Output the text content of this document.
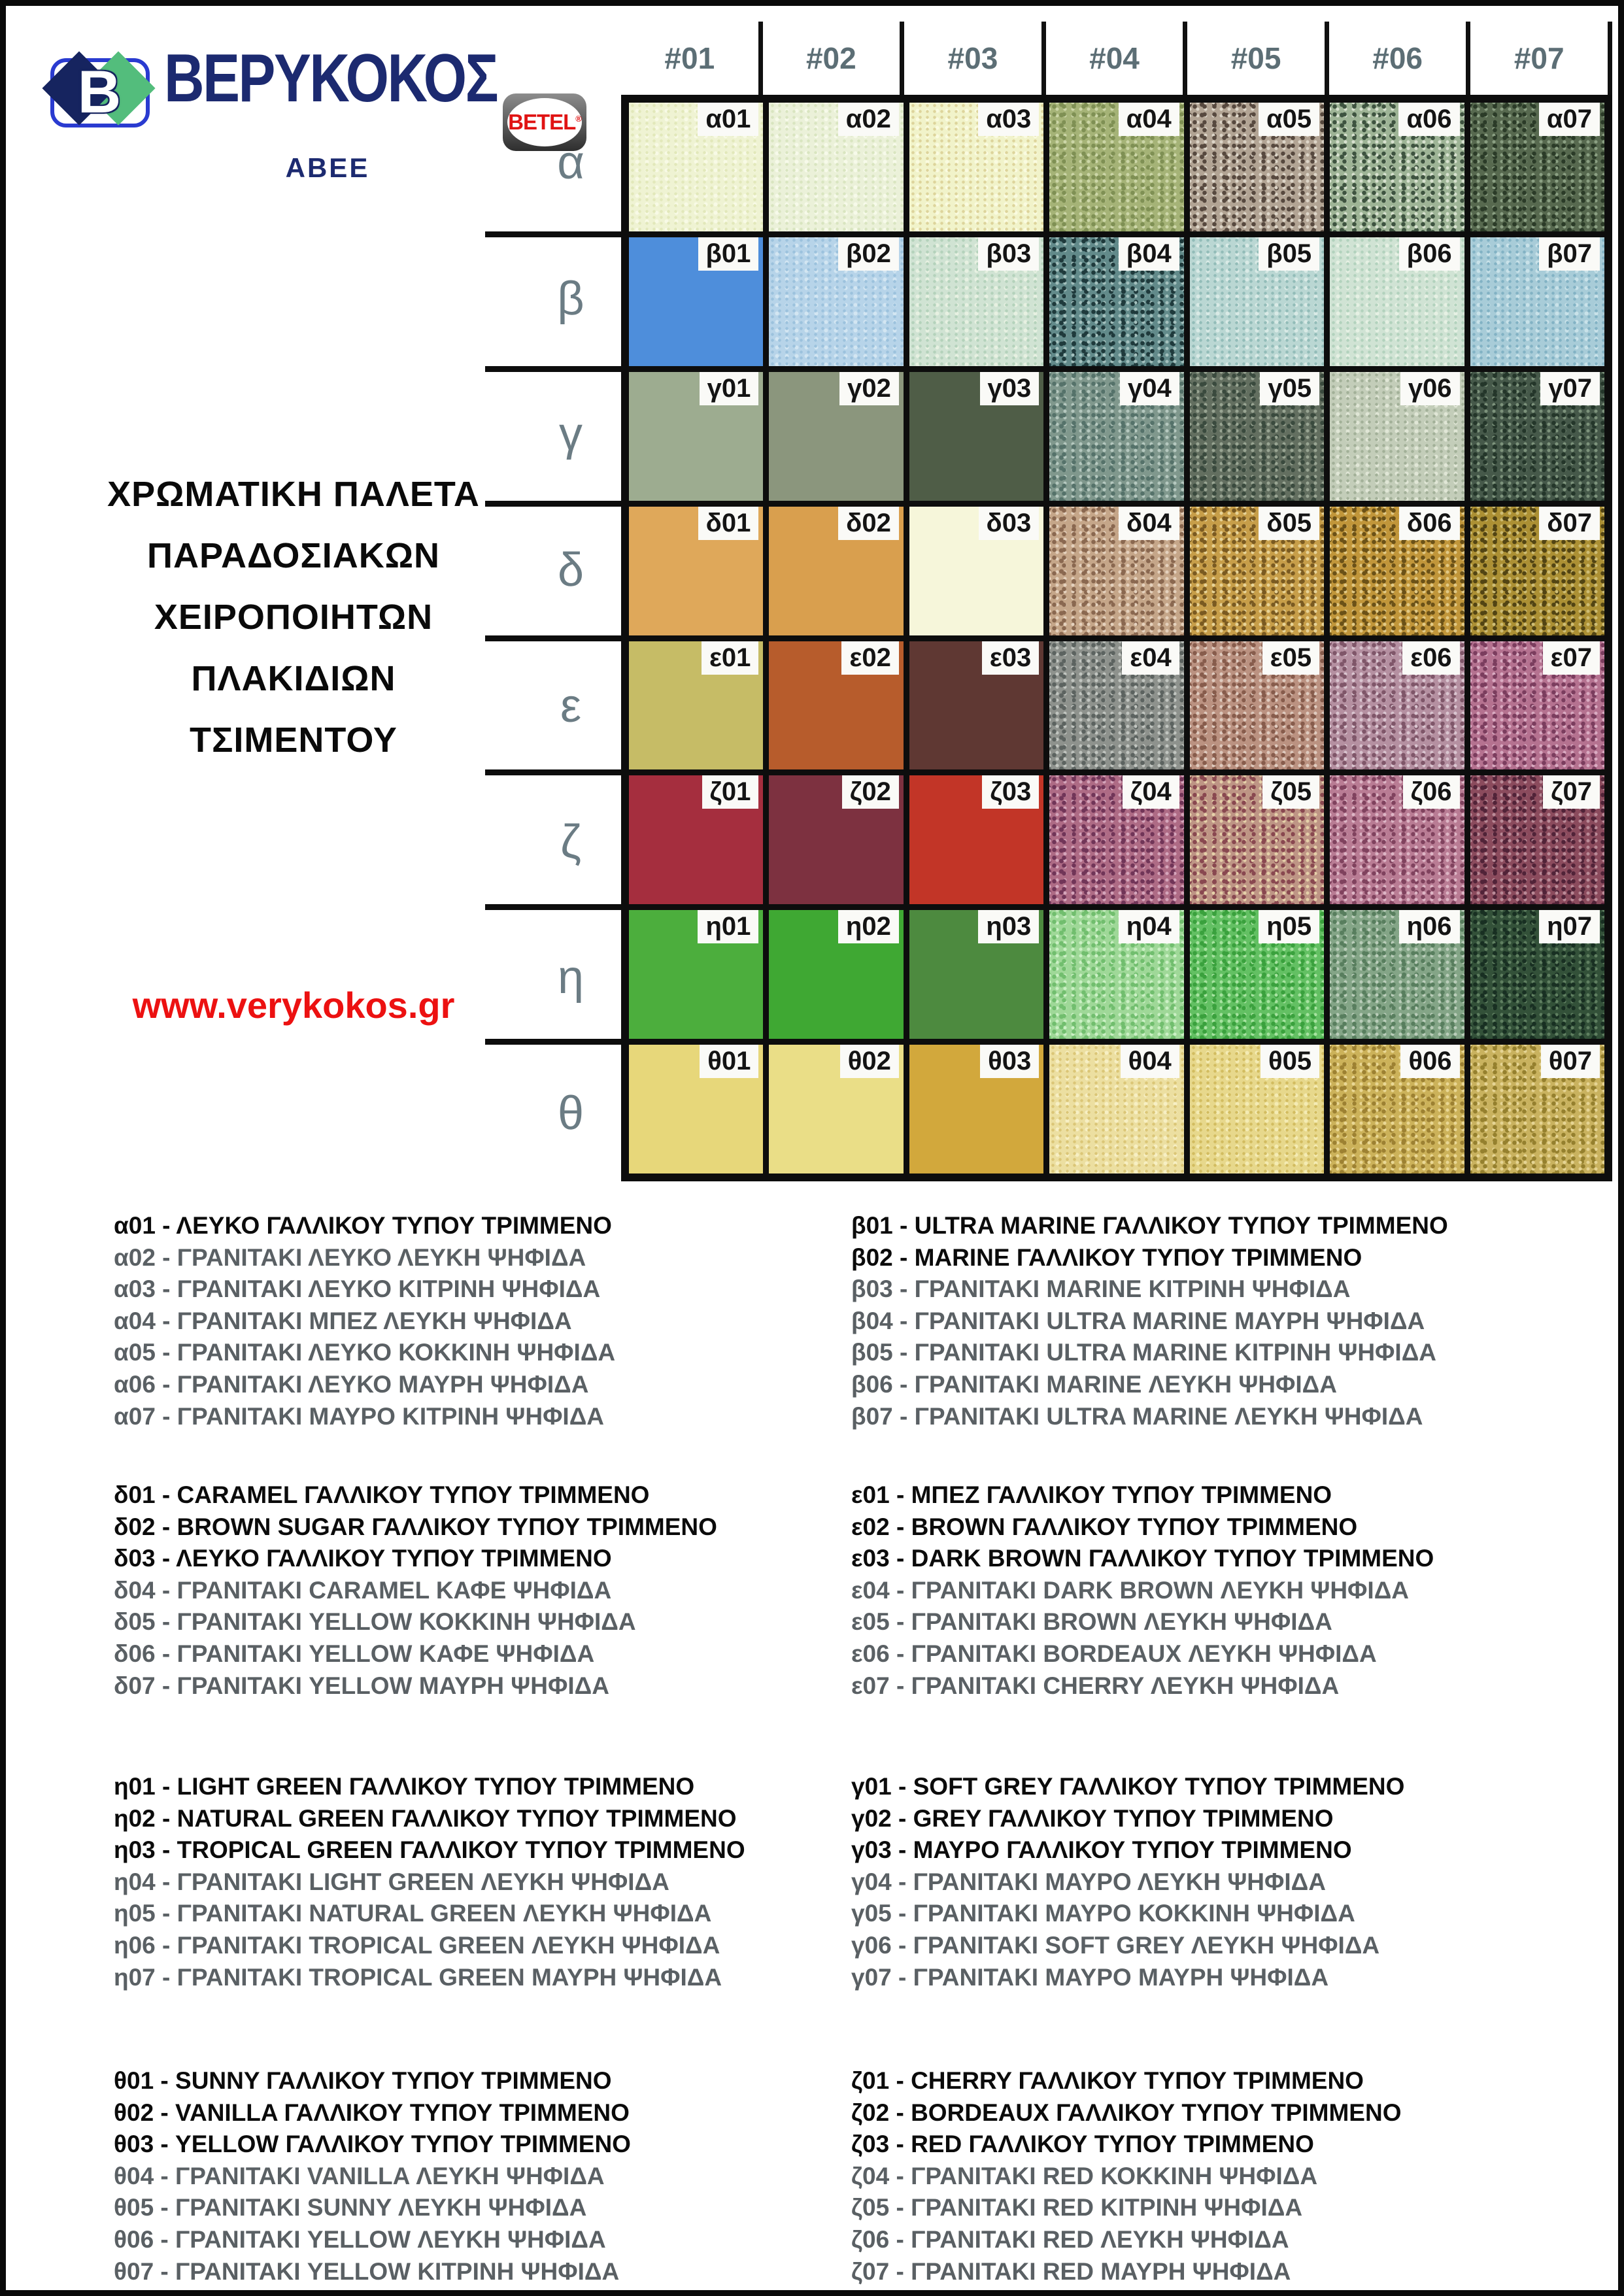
B ΒΕΡΥΚΟΚΟΣ
BETEL®
ΑΒΕΕ
ΧΡΩΜΑΤΙΚΗ ΠΑΛΕΤΑ
ΠΑΡΑΔΟΣΙΑΚΩΝ
ΧΕΙΡΟΠΟΙΗΤΩΝ
ΠΛΑΚΙΔΙΩΝ
ΤΣΙΜΕΝΤΟΥ
www.verykokos.gr
#01	#02	#03	#04	#05	#06	#07
α
β
γ
δ
ε
ζ
η
θ
α01	α02	α03	α04	α05	α06	α07
β01	β02	β03	β04	β05	β06	β07
γ01	γ02	γ03	γ04	γ05	γ06	γ07
δ01	δ02	δ03	δ04	δ05	δ06	δ07
ε01	ε02	ε03	ε04	ε05	ε06	ε07
ζ01	ζ02	ζ03	ζ04	ζ05	ζ06	ζ07
η01	η02	η03	η04	η05	η06	η07
θ01	θ02	θ03	θ04	θ05	θ06	θ07
α01 - ΛΕΥΚΟ ΓΑΛΛΙΚΟΥ ΤΥΠΟΥ ΤΡΙΜΜΕΝΟ
α02 - ΓΡΑΝΙΤΑΚΙ ΛΕΥΚΟ ΛΕΥΚΗ ΨΗΦΙΔΑ
α03 - ΓΡΑΝΙΤΑΚΙ ΛΕΥΚΟ ΚΙΤΡΙΝΗ ΨΗΦΙΔΑ
α04 - ΓΡΑΝΙΤΑΚΙ ΜΠΕΖ ΛΕΥΚΗ ΨΗΦΙΔΑ
α05 - ΓΡΑΝΙΤΑΚΙ ΛΕΥΚΟ ΚΟΚΚΙΝΗ ΨΗΦΙΔΑ
α06 - ΓΡΑΝΙΤΑΚΙ ΛΕΥΚΟ ΜΑΥΡΗ ΨΗΦΙΔΑ
α07 - ΓΡΑΝΙΤΑΚΙ ΜΑΥΡΟ ΚΙΤΡΙΝΗ ΨΗΦΙΔΑ
β01 - ULTRA MARINE ΓΑΛΛΙΚΟΥ ΤΥΠΟΥ ΤΡΙΜΜΕΝΟ
β02 - MARINE ΓΑΛΛΙΚΟΥ ΤΥΠΟΥ ΤΡΙΜΜΕΝΟ
β03 - ΓΡΑΝΙΤΑΚΙ MARINE ΚΙΤΡΙΝΗ ΨΗΦΙΔΑ
β04 - ΓΡΑΝΙΤΑΚΙ ULTRA MARINE ΜΑΥΡΗ ΨΗΦΙΔΑ
β05 - ΓΡΑΝΙΤΑΚΙ ULTRA MARINE ΚΙΤΡΙΝΗ ΨΗΦΙΔΑ
β06 - ΓΡΑΝΙΤΑΚΙ MARINE ΛΕΥΚΗ ΨΗΦΙΔΑ
β07 - ΓΡΑΝΙΤΑΚΙ ULTRA MARINE ΛΕΥΚΗ ΨΗΦΙΔΑ
δ01 - CARAMEL ΓΑΛΛΙΚΟΥ ΤΥΠΟΥ ΤΡΙΜΜΕΝΟ
δ02 - BROWN SUGAR ΓΑΛΛΙΚΟΥ ΤΥΠΟΥ ΤΡΙΜΜΕΝΟ
δ03 - ΛΕΥΚΟ ΓΑΛΛΙΚΟΥ ΤΥΠΟΥ ΤΡΙΜΜΕΝΟ
δ04 - ΓΡΑΝΙΤΑΚΙ CARAMEL ΚΑΦΕ ΨΗΦΙΔΑ
δ05 - ΓΡΑΝΙΤΑΚΙ YELLOW ΚΟΚΚΙΝΗ ΨΗΦΙΔΑ
δ06 - ΓΡΑΝΙΤΑΚΙ YELLOW ΚΑΦΕ ΨΗΦΙΔΑ
δ07 - ΓΡΑΝΙΤΑΚΙ YELLOW ΜΑΥΡΗ ΨΗΦΙΔΑ
ε01 - ΜΠΕΖ ΓΑΛΛΙΚΟΥ ΤΥΠΟΥ ΤΡΙΜΜΕΝΟ
ε02 - BROWN ΓΑΛΛΙΚΟΥ ΤΥΠΟΥ ΤΡΙΜΜΕΝΟ
ε03 - DARK BROWN ΓΑΛΛΙΚΟΥ ΤΥΠΟΥ ΤΡΙΜΜΕΝΟ
ε04 - ΓΡΑΝΙΤΑΚΙ DARK BROWN ΛΕΥΚΗ ΨΗΦΙΔΑ
ε05 - ΓΡΑΝΙΤΑΚΙ BROWN ΛΕΥΚΗ ΨΗΦΙΔΑ
ε06 - ΓΡΑΝΙΤΑΚΙ BORDEAUX ΛΕΥΚΗ ΨΗΦΙΔΑ
ε07 - ΓΡΑΝΙΤΑΚΙ CHERRY ΛΕΥΚΗ ΨΗΦΙΔΑ
η01 - LIGHT GREEN ΓΑΛΛΙΚΟΥ ΤΥΠΟΥ ΤΡΙΜΜΕΝΟ
η02 - NATURAL GREEN ΓΑΛΛΙΚΟΥ ΤΥΠΟΥ ΤΡΙΜΜΕΝΟ
η03 - TROPICAL GREEN ΓΑΛΛΙΚΟΥ ΤΥΠΟΥ ΤΡΙΜΜΕΝΟ
η04 - ΓΡΑΝΙΤΑΚΙ LIGHT GREEN ΛΕΥΚΗ ΨΗΦΙΔΑ
η05 - ΓΡΑΝΙΤΑΚΙ NATURAL GREEN ΛΕΥΚΗ ΨΗΦΙΔΑ
η06 - ΓΡΑΝΙΤΑΚΙ TROPICAL GREEN ΛΕΥΚΗ ΨΗΦΙΔΑ
η07 - ΓΡΑΝΙΤΑΚΙ TROPICAL GREEN ΜΑΥΡΗ ΨΗΦΙΔΑ
γ01 - SOFT GREY ΓΑΛΛΙΚΟΥ ΤΥΠΟΥ ΤΡΙΜΜΕΝΟ
γ02 - GREY ΓΑΛΛΙΚΟΥ ΤΥΠΟΥ ΤΡΙΜΜΕΝΟ
γ03 - ΜΑΥΡΟ ΓΑΛΛΙΚΟΥ ΤΥΠΟΥ ΤΡΙΜΜΕΝΟ
γ04 - ΓΡΑΝΙΤΑΚΙ ΜΑΥΡΟ ΛΕΥΚΗ ΨΗΦΙΔΑ
γ05 - ΓΡΑΝΙΤΑΚΙ ΜΑΥΡΟ ΚΟΚΚΙΝΗ ΨΗΦΙΔΑ
γ06 - ΓΡΑΝΙΤΑΚΙ SOFT GREY ΛΕΥΚΗ ΨΗΦΙΔΑ
γ07 - ΓΡΑΝΙΤΑΚΙ ΜΑΥΡΟ ΜΑΥΡΗ ΨΗΦΙΔΑ
θ01 - SUNNY ΓΑΛΛΙΚΟΥ ΤΥΠΟΥ ΤΡΙΜΜΕΝΟ
θ02 - VANILLA ΓΑΛΛΙΚΟΥ ΤΥΠΟΥ ΤΡΙΜΜΕΝΟ
θ03 - YELLOW ΓΑΛΛΙΚΟΥ ΤΥΠΟΥ ΤΡΙΜΜΕΝΟ
θ04 - ΓΡΑΝΙΤΑΚΙ VANILLA ΛΕΥΚΗ ΨΗΦΙΔΑ
θ05 - ΓΡΑΝΙΤΑΚΙ SUNNY ΛΕΥΚΗ ΨΗΦΙΔΑ
θ06 - ΓΡΑΝΙΤΑΚΙ YELLOW ΛΕΥΚΗ ΨΗΦΙΔΑ
θ07 - ΓΡΑΝΙΤΑΚΙ YELLOW ΚΙΤΡΙΝΗ ΨΗΦΙΔΑ
ζ01 - CHERRY ΓΑΛΛΙΚΟΥ ΤΥΠΟΥ ΤΡΙΜΜΕΝΟ
ζ02 - BORDEAUX ΓΑΛΛΙΚΟΥ ΤΥΠΟΥ ΤΡΙΜΜΕΝΟ
ζ03 - RED ΓΑΛΛΙΚΟΥ ΤΥΠΟΥ ΤΡΙΜΜΕΝΟ
ζ04 - ΓΡΑΝΙΤΑΚΙ RED ΚΟΚΚΙΝΗ ΨΗΦΙΔΑ
ζ05 - ΓΡΑΝΙΤΑΚΙ RED ΚΙΤΡΙΝΗ ΨΗΦΙΔΑ
ζ06 - ΓΡΑΝΙΤΑΚΙ RED ΛΕΥΚΗ ΨΗΦΙΔΑ
ζ07 - ΓΡΑΝΙΤΑΚΙ RED ΜΑΥΡΗ ΨΗΦΙΔΑ
